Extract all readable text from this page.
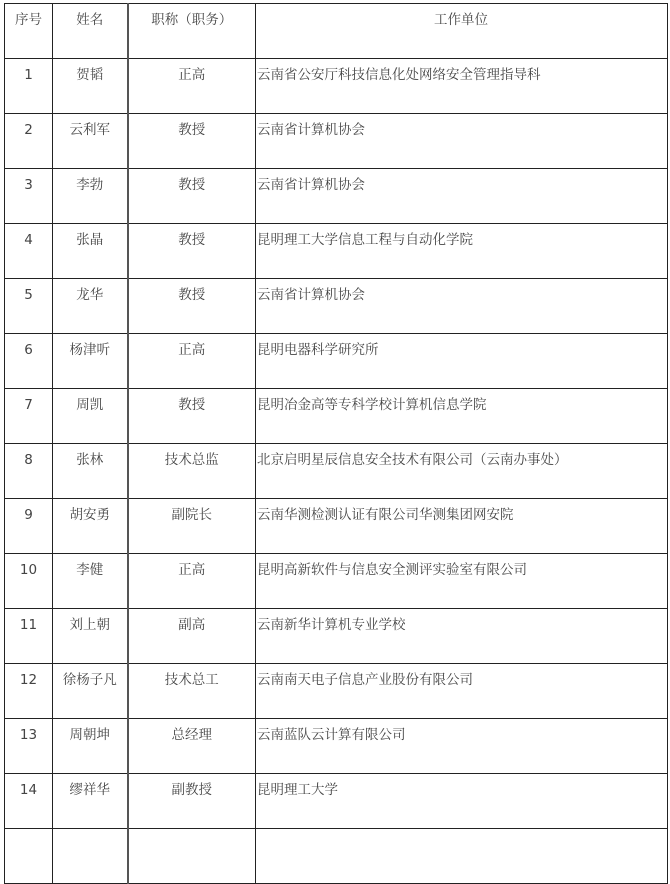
序号	姓名	职称（职务）	工作单位
1	贺韬	正高	云南省公安厅科技信息化处网络安全管理指导科
2	云利军	教授	云南省计算机协会
3	李勃	教授	云南省计算机协会
4	张晶	教授	昆明理工大学信息工程与自动化学院
5	龙华	教授	云南省计算机协会
6	杨津听	正高	昆明电器科学研究所
7	周凯	教授	昆明冶金高等专科学校计算机信息学院
8	张林	技术总监	北京启明星辰信息安全技术有限公司（云南办事处）
9	胡安勇	副院长	云南华测检测认证有限公司华测集团网安院
10	李健	正高	昆明高新软件与信息安全测评实验室有限公司
11	刘上朝	副高	云南新华计算机专业学校
12	徐杨子凡	技术总工	云南南天电子信息产业股份有限公司
13	周朝坤	总经理	云南蓝队云计算有限公司
14	缪祥华	副教授	昆明理工大学
